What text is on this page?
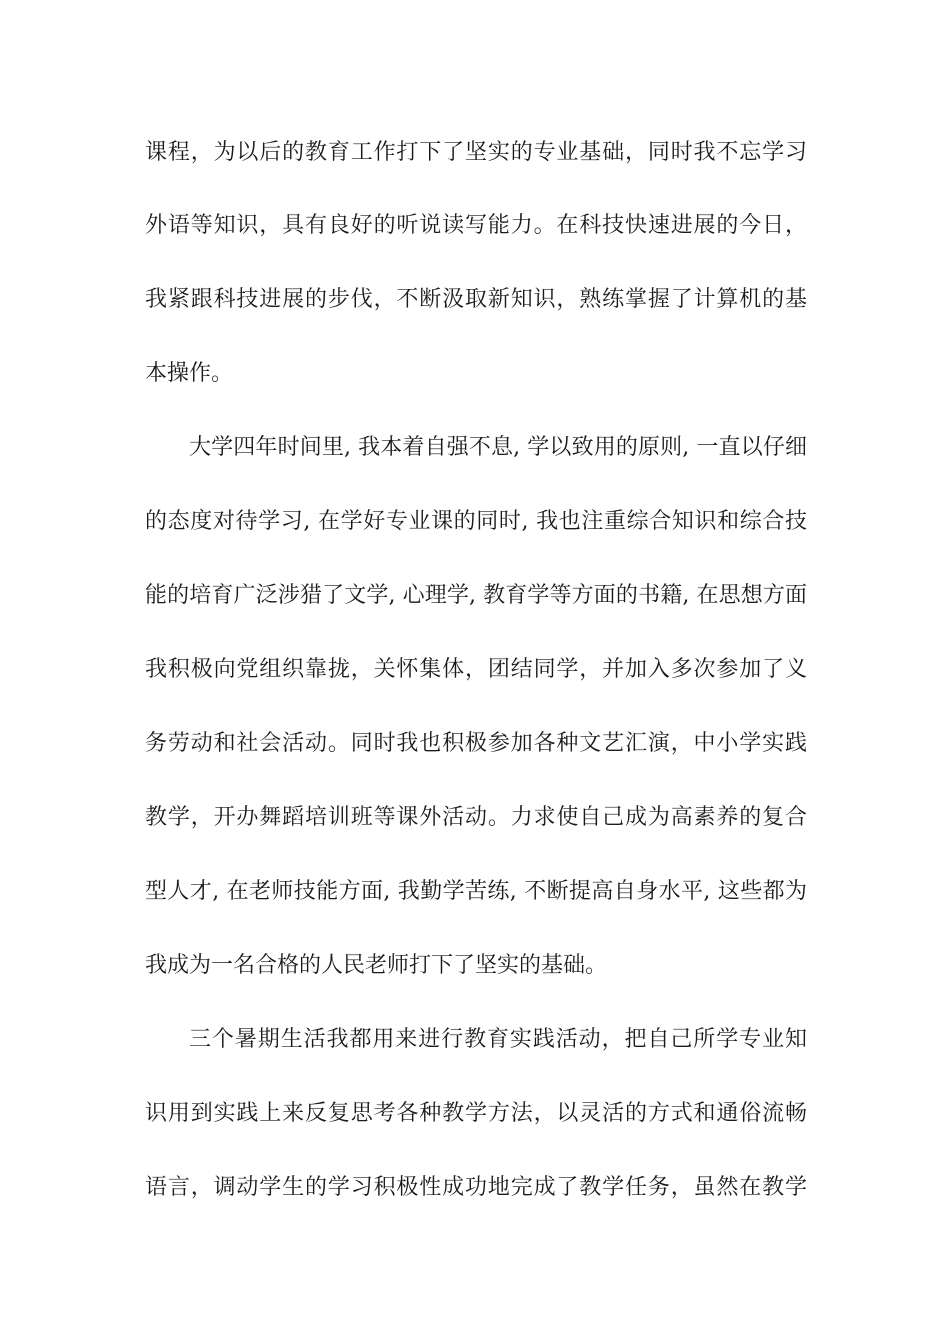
课程，为以后的教育工作打下了坚实的专业基础，同时我不忘学习
外语等知识，具有良好的听说读写能力。在科技快速进展的今日，
我紧跟科技进展的步伐，不断汲取新知识，熟练掌握了计算机的基
本操作。
大学四年时间里, 我本着自强不息, 学以致用的原则, 一直以仔细
的态度对待学习, 在学好专业课的同时, 我也注重综合知识和综合技
能的培育广泛涉猎了文学, 心理学, 教育学等方面的书籍, 在思想方面
我积极向党组织靠拢，关怀集体，团结同学，并加入多次参加了义
务劳动和社会活动。同时我也积极参加各种文艺汇演，中小学实践
教学，开办舞蹈培训班等课外活动。力求使自己成为高素养的复合
型人才, 在老师技能方面, 我勤学苦练, 不断提高自身水平, 这些都为
我成为一名合格的人民老师打下了坚实的基础。
三个暑期生活我都用来进行教育实践活动，把自己所学专业知
识用到实践上来反复思考各种教学方法，以灵活的方式和通俗流畅
语言，调动学生的学习积极性成功地完成了教学任务，虽然在教学
